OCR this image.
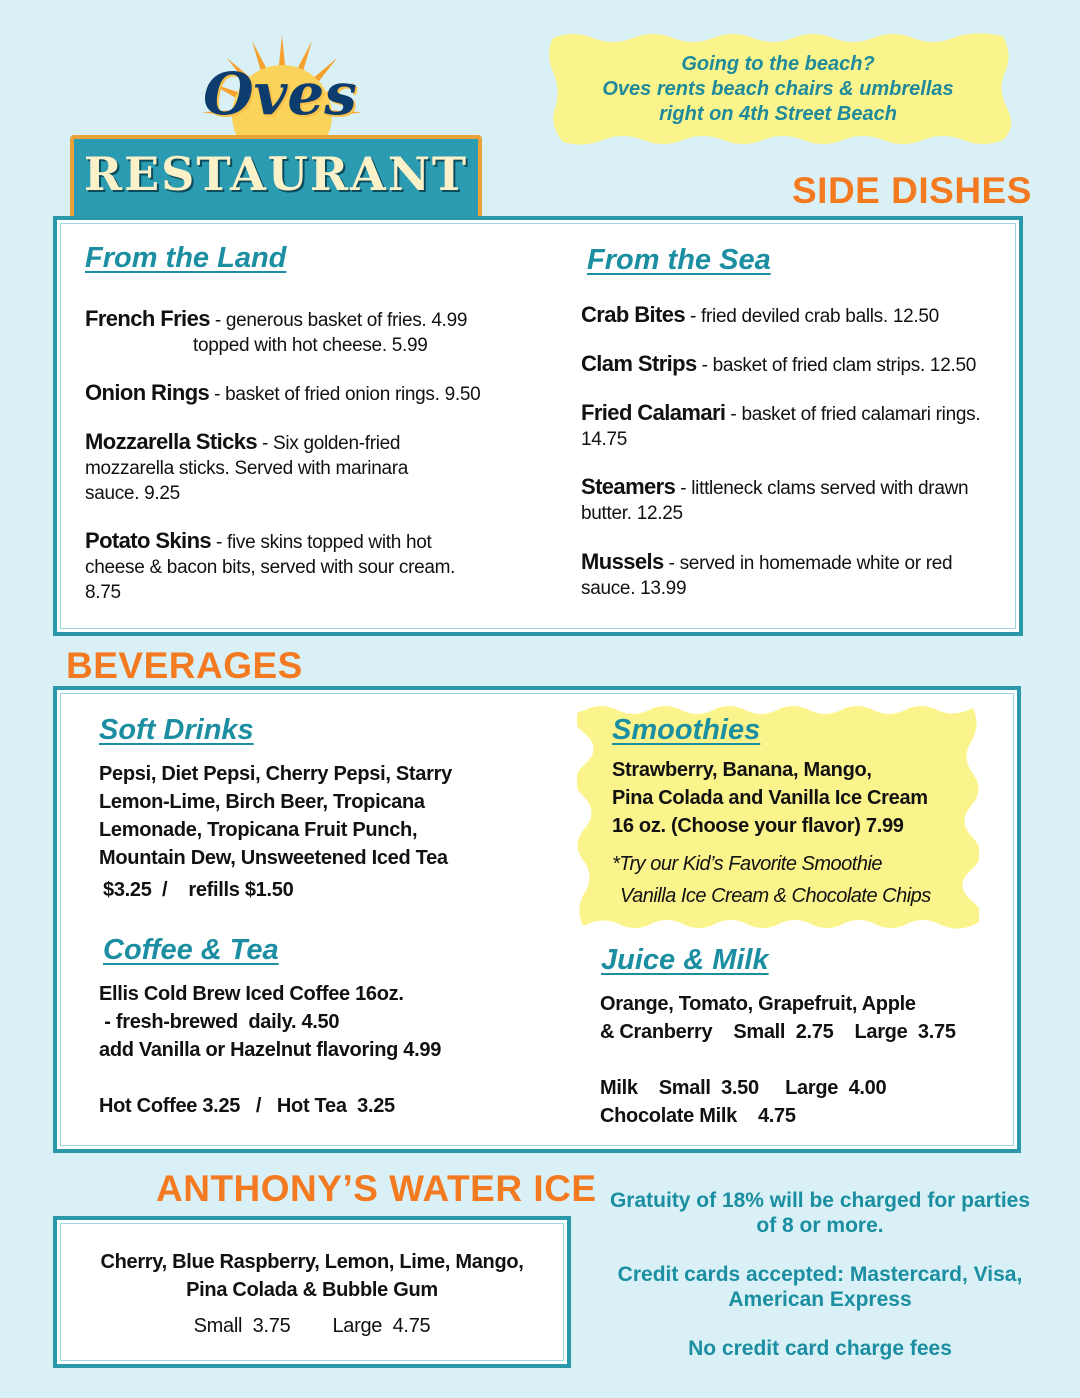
Oves
RESTAURANT
Going to the beach?
Oves rents beach chairs & umbrellas
right on 4th Street Beach
SIDE DISHES
From the Land
French Fries - generous basket of fries. 4.99
topped with hot cheese. 5.99
Onion Rings - basket of fried onion rings. 9.50
Mozzarella Sticks - Six golden-fried mozzarella sticks. Served with marinara sauce. 9.25
Potato Skins - five skins topped with hot cheese & bacon bits, served with sour cream. 8.75
From the Sea
Crab Bites - fried deviled crab balls. 12.50
Clam Strips - basket of fried clam strips. 12.50
Fried Calamari - basket of fried calamari rings. 14.75
Steamers - littleneck clams served with drawn butter. 12.25
Mussels - served in homemade white or red sauce. 13.99
BEVERAGES
Soft Drinks
Pepsi, Diet Pepsi, Cherry Pepsi, Starry
Lemon-Lime, Birch Beer, Tropicana
Lemonade, Tropicana Fruit Punch,
Mountain Dew, Unsweetened Iced Tea
$3.25  /    refills $1.50
Coffee & Tea
Ellis Cold Brew Iced Coffee 16oz.
- fresh-brewed  daily. 4.50
add Vanilla or Hazelnut flavoring 4.99
Hot Coffee 3.25   /   Hot Tea  3.25
Juice & Milk
Orange, Tomato, Grapefruit, Apple
& Cranberry    Small  2.75    Large  3.75
Milk    Small  3.50     Large  4.00
Chocolate Milk    4.75
Smoothies
Strawberry, Banana, Mango,
Pina Colada and Vanilla Ice Cream
16 oz. (Choose your flavor) 7.99
*Try our Kid’s Favorite Smoothie
Vanilla Ice Cream & Chocolate Chips
ANTHONY’S WATER ICE
Cherry, Blue Raspberry, Lemon, Lime, Mango,
Pina Colada & Bubble Gum
Small  3.75        Large  4.75
Gratuity of 18% will be charged for parties
of 8 or more.
Credit cards accepted: Mastercard, Visa,
American Express
No credit card charge fees
